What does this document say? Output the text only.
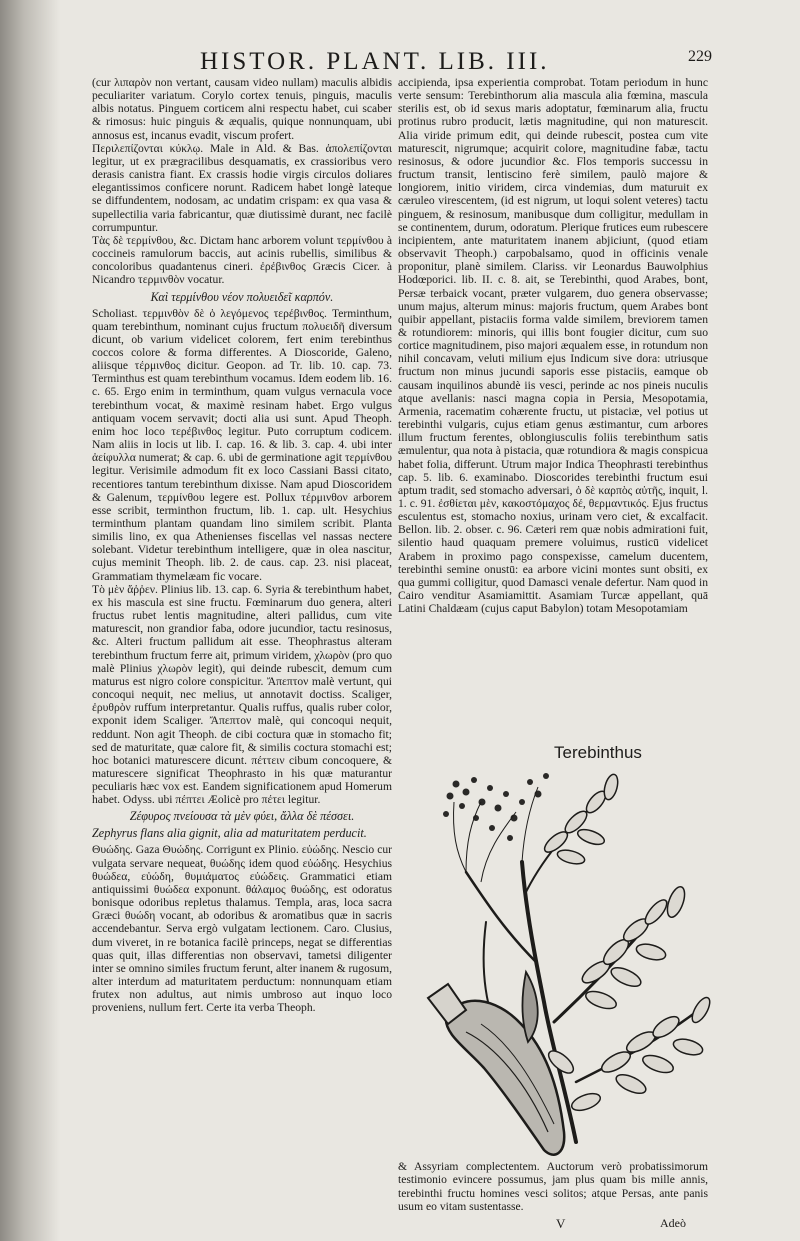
HISTOR. PLANT. LIB. III.	229

(cur λιπαρὸν non vertant, causam video nullam) maculis albidis peculiariter variatum. Corylo cortex tenuis, pinguis, maculis albis notatus. Pinguem corticem alni respectu habet, cui scaber & rimosus: huic pinguis & æqualis, quique nonnunquam, ubi annosus est, incanus evadit, viscum profert.

Περιλεπίζονται κύκλῳ. Male in Ald. & Bas. ἀπολεπίζονται legitur, ut ex prægracilibus desquamatis, ex crassioribus vero derasis canistra fiant. Ex crassis hodie virgis circulos doliares elegantissimos conficere norunt. Radicem habet longè lateque se diffundentem, nodosam, ac undatim crispam: ex qua vasa & supellectilia varia fabricantur, quæ diutissimè durant, nec facilè corrumpuntur.

Τὰς δὲ τερμίνθου, &c. Dictam hanc arborem volunt τερμίνθου à coccineis ramulorum baccis, aut acinis rubellis, similibus & concoloribus quadantenus cineri. ἐρέβινθος Græcis Cicer. à Nicandro τερμινθὸν vocatur.

Καὶ τερμίνθου νέον πολυειδεῖ καρπόν.

Scholiast. τερμινθὸν δὲ ὁ λεγόμενος τερέβινθος. Terminthum, quam terebinthum, nominant cujus fructum πολυειδῆ diversum dicunt, ob varium videlicet colorem, fert enim terebinthus coccos colore & forma differentes. A Dioscoride, Galeno, aliisque τέρμινθος dicitur. Geopon. ad Tr. lib. 10. cap. 73. Terminthus est quam terebinthum vocamus. Idem eodem lib. 16. c. 65. Ergo enim in terminthum, quam vulgus vernacula voce terebinthum vocat, & maximè resinam habet. Ergo vulgus antiquam vocem servavit; docti alia usi sunt. Apud Theoph. enim hoc loco τερέβινθος legitur. Puto corruptum codicem. Nam aliis in locis ut lib. I. cap. 16. & lib. 3. cap. 4. ubi inter ἀείφυλλα numerat; & cap. 6. ubi de germinatione agit τερμίνθου legitur. Verisimile admodum fit ex loco Cassiani Bassi citato, recentiores tantum terebinthum dixisse. Nam apud Dioscoridem & Galenum, τερμίνθου legere est. Pollux τέρμινθον arborem esse scribit, terminthon fructum, lib. 1. cap. ult. Hesychius terminthum plantam quandam lino similem scribit. Planta similis lino, ex qua Athenienses fiscellas vel nassas nectere solebant. Videtur terebinthum intelligere, quæ in olea nascitur, cujus meminit Theoph. lib. 2. de caus. cap. 23. nisi placeat, Grammatiam thymelæam fic vocare.

Τὸ μὲν ἄῤῥεν. Plinius lib. 13. cap. 6. Syria & terebinthum habet, ex his mascula est sine fructu. Fœminarum duo genera, alteri fructus rubet lentis magnitudine, alteri pallidus, cum vite maturescit, non grandior faba, odore jucundior, tactu resinosus, &c. Alteri fructum pallidum ait esse. Theophrastus alteram terebinthum fructum ferre ait, primum viridem, χλωρὸν (pro quo malè Plinius χλωρὸν legit), qui deinde rubescit, demum cum maturus est nigro colore conspicitur. Ἄπεπτον malè vertunt, qui concoqui nequit, nec melius, ut annotavit doctiss. Scaliger, ἐρυθρὸν ruffum interpretantur. Qualis ruffus, qualis ruber color, exponit idem Scaliger. Ἄπεπτον malè, qui concoqui nequit, reddunt. Non agit Theoph. de cibi coctura quæ in stomacho fit; sed de maturitate, quæ calore fit, & similis coctura stomachi est; hoc botanici maturescere dicunt. πέττειν cibum concoquere, & maturescere significat Theophrasto in his quæ maturantur peculiaris hæc vox est. Eandem significationem apud Homerum habet. Odyss. ubi πέπτει Æolicè pro πέτει legitur.

Ζέφυρος πνείουσα τὰ μὲν φύει, ἄλλα δὲ πέσσει.

Zephyrus flans alia gignit, alia ad maturitatem perducit.

Θυώδης. Gaza Θυώδης. Corrigunt ex Plinio. εὐώδης. Nescio cur vulgata servare nequeat, θυώδης idem quod εὐώδης. Hesychius θυώδεα, εὐώδη, θυμιάματος εὐώδεις. Grammatici etiam antiquissimi θυώδεα exponunt. θάλαμος θυώδης, est odoratus bonisque odoribus repletus thalamus. Templa, aras, loca sacra Græci θυώδη vocant, ab odoribus & aromatibus quæ in sacris accendebantur. Serva ergò vulgatam lectionem. Caro. Clusius, dum viveret, in re botanica facilè princeps, negat se differentias quas quit, illas differentias non observavi, tametsi diligenter inter se omnino similes fructum ferunt, alter inanem & rugosum, alter interdum ad maturitatem perductum: nonnunquam etiam frutex non adultus, aut nimis umbroso aut inquo loco proveniens, nullum fert. Certe ita verba Theoph.

accipienda, ipsa experientia comprobat. Totam periodum in hunc verte sensum: Terebinthorum alia mascula alia fœmina, mascula sterilis est, ob id sexus maris adoptatur, fœminarum alia, fructu protinus rubro producit, lætis magnitudine, qui non maturescit. Alia viride primum edit, qui deinde rubescit, postea cum vite maturescit, nigrumque; acquirit colore, magnitudine fabæ, tactu resinosus, & odore jucundior &c. Flos temporis successu in fructum transit, lentiscino ferè similem, paulò majore & longiorem, initio viridem, circa vindemias, dum maturuit ex cæruleo virescentem, (id est nigrum, ut loqui solent veteres) tactu pinguem, & resinosum, manibusque dum colligitur, medullam in se continentem, durum, odoratum. Plerique frutices eum rubescere incipientem, ante maturitatem inanem abjiciunt, (quod etiam observavit Theoph.) carpobalsamo, quod in officinis venale proponitur, planè similem. Clariss. vir Leonardus Bauwolphius Hodœporici. lib. II. c. 8. ait, se Terebinthi, quod Arabes, bont, Persæ terbaick vocant, præter vulgarem, duo genera observasse; unum majus, alterum minus: majoris fructum, quem Arabes bont quibir appellant, pistaciis forma valde similem, breviorem tamen & rotundiorem: minoris, qui illis bont fougier dicitur, cum suo cortice magnitudinem, piso majori æqualem esse, in rotundum non nihil concavam, veluti milium ejus Indicum sive dora: utriusque fructum non minus jucundi saporis esse pistaciis, eamque ob causam inquilinos abundè iis vesci, perinde ac nos pineis nuculis atque avellanis: nasci magna copia in Persia, Mesopotamia, Armenia, racematim cohærente fructu, ut pistaciæ, vel potius ut terebinthi vulgaris, cujus etiam genus æstimantur, cum arbores illum fructum ferentes, oblongiusculis foliis terebinthum satis æmulentur, qua nota à pistacia, quæ rotundiora & magis conspicua habet folia, differunt. Utrum major Indica Theophrasti terebinthus cap. 5. lib. 6. examinabo. Dioscorides terebinthi fructum esui aptum tradit, sed stomacho adversari, ὁ δὲ καρπὸς αὐτῆς, inquit, l. 1. c. 91. ἐσθίεται μὲν, κακοστόμαχος δέ, θερμαντικός. Ejus fructus esculentus est, stomacho noxius, urinam vero ciet, & excalfacit. Bellon. lib. 2. obser. c. 96. Cæteri rem quæ nobis admirationi fuit, silentio haud quaquam premere voluimus, rusticū videlicet Arabem in proximo pago conspexisse, camelum ducentem, terebinthi semine onustū: ea arbore vicini montes sunt obsiti, ex qua gummi colligitur, quod Damasci venale defertur. Nam quod in Cairo venditur Asamiamittit. Asamiam Turcæ appellant, quā Latini Chaldæam (cujus caput Babylon) totam Mesopotamiam

Terebinthus
& Assyriam complectentem. Auctorum verò probatissimorum testimonio evincere possumus, jam plus quam bis mille annis, terebinthi fructu homines vesci solitos; atque Persas, ante panis usum eo vitam sustentasse.
V	Adeò
